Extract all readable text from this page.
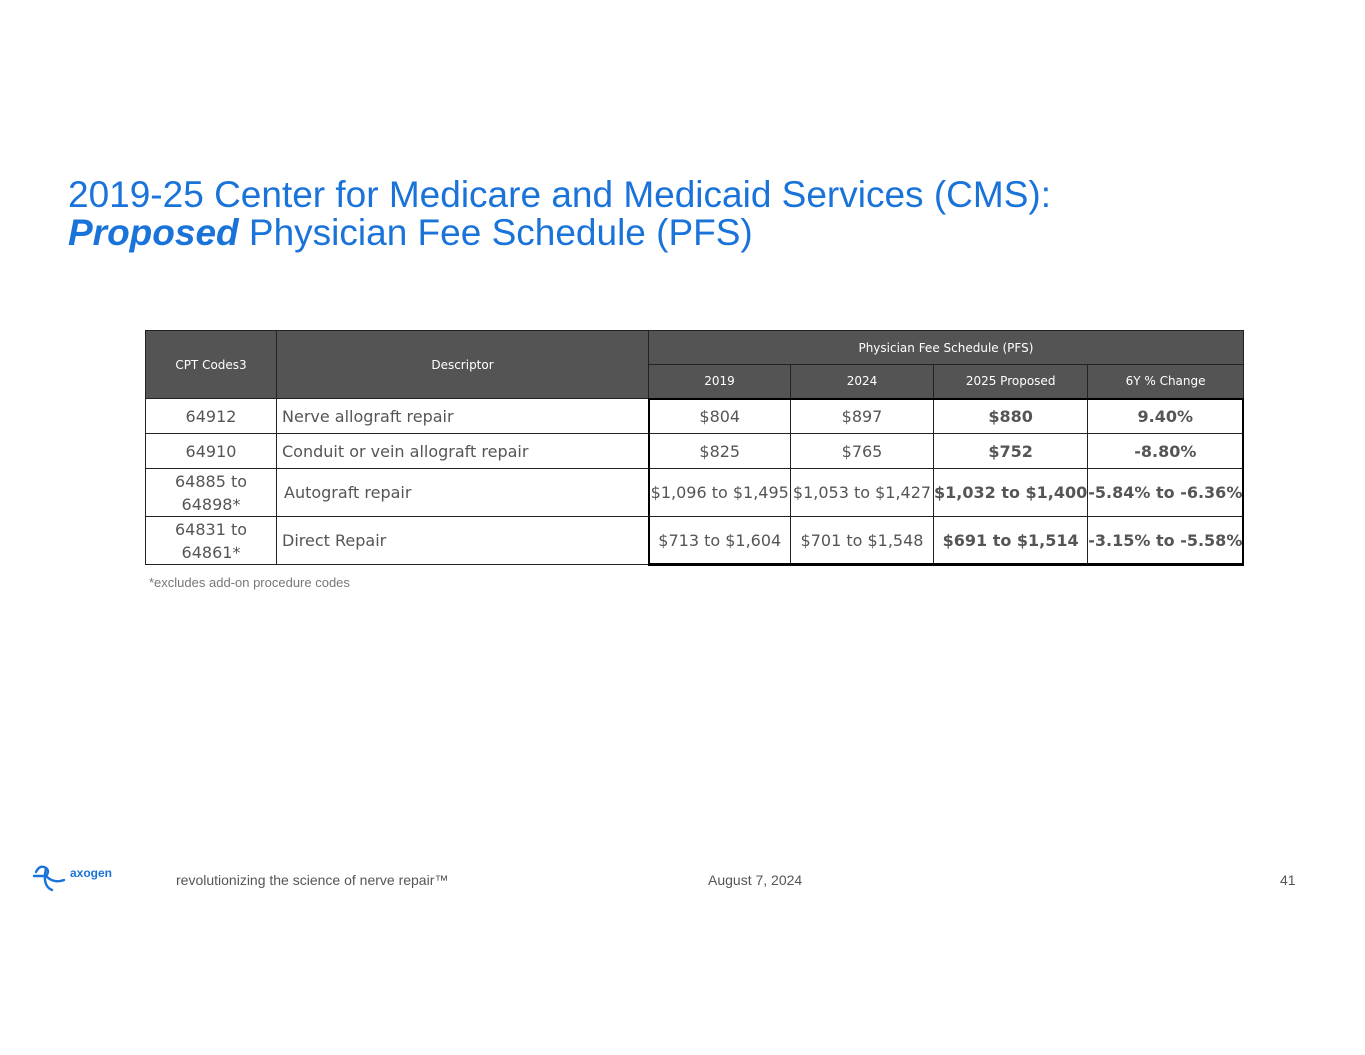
2019-25 Center for Medicare and Medicaid Services (CMS):
Proposed Physician Fee Schedule (PFS)
CPT Codes3	Descriptor	Physician Fee Schedule (PFS)			
		2019	2024	2025 Proposed	6Y % Change
64912	Nerve allograft repair	$804	$897	$880	9.40%
64910	Conduit or vein allograft repair	$825	$765	$752	-8.80%
64885 to
64898*	Autograft repair	$1,096 to $1,495	$1,053 to $1,427	$1,032 to $1,400	-5.84% to -6.36%
64831 to
64861*	Direct Repair	$713 to $1,604	$701 to $1,548	$691 to $1,514	-3.15% to -5.58%
*excludes add-on procedure codes
axogen	revolutionizing the science of nerve repair™	August 7, 2024	41
